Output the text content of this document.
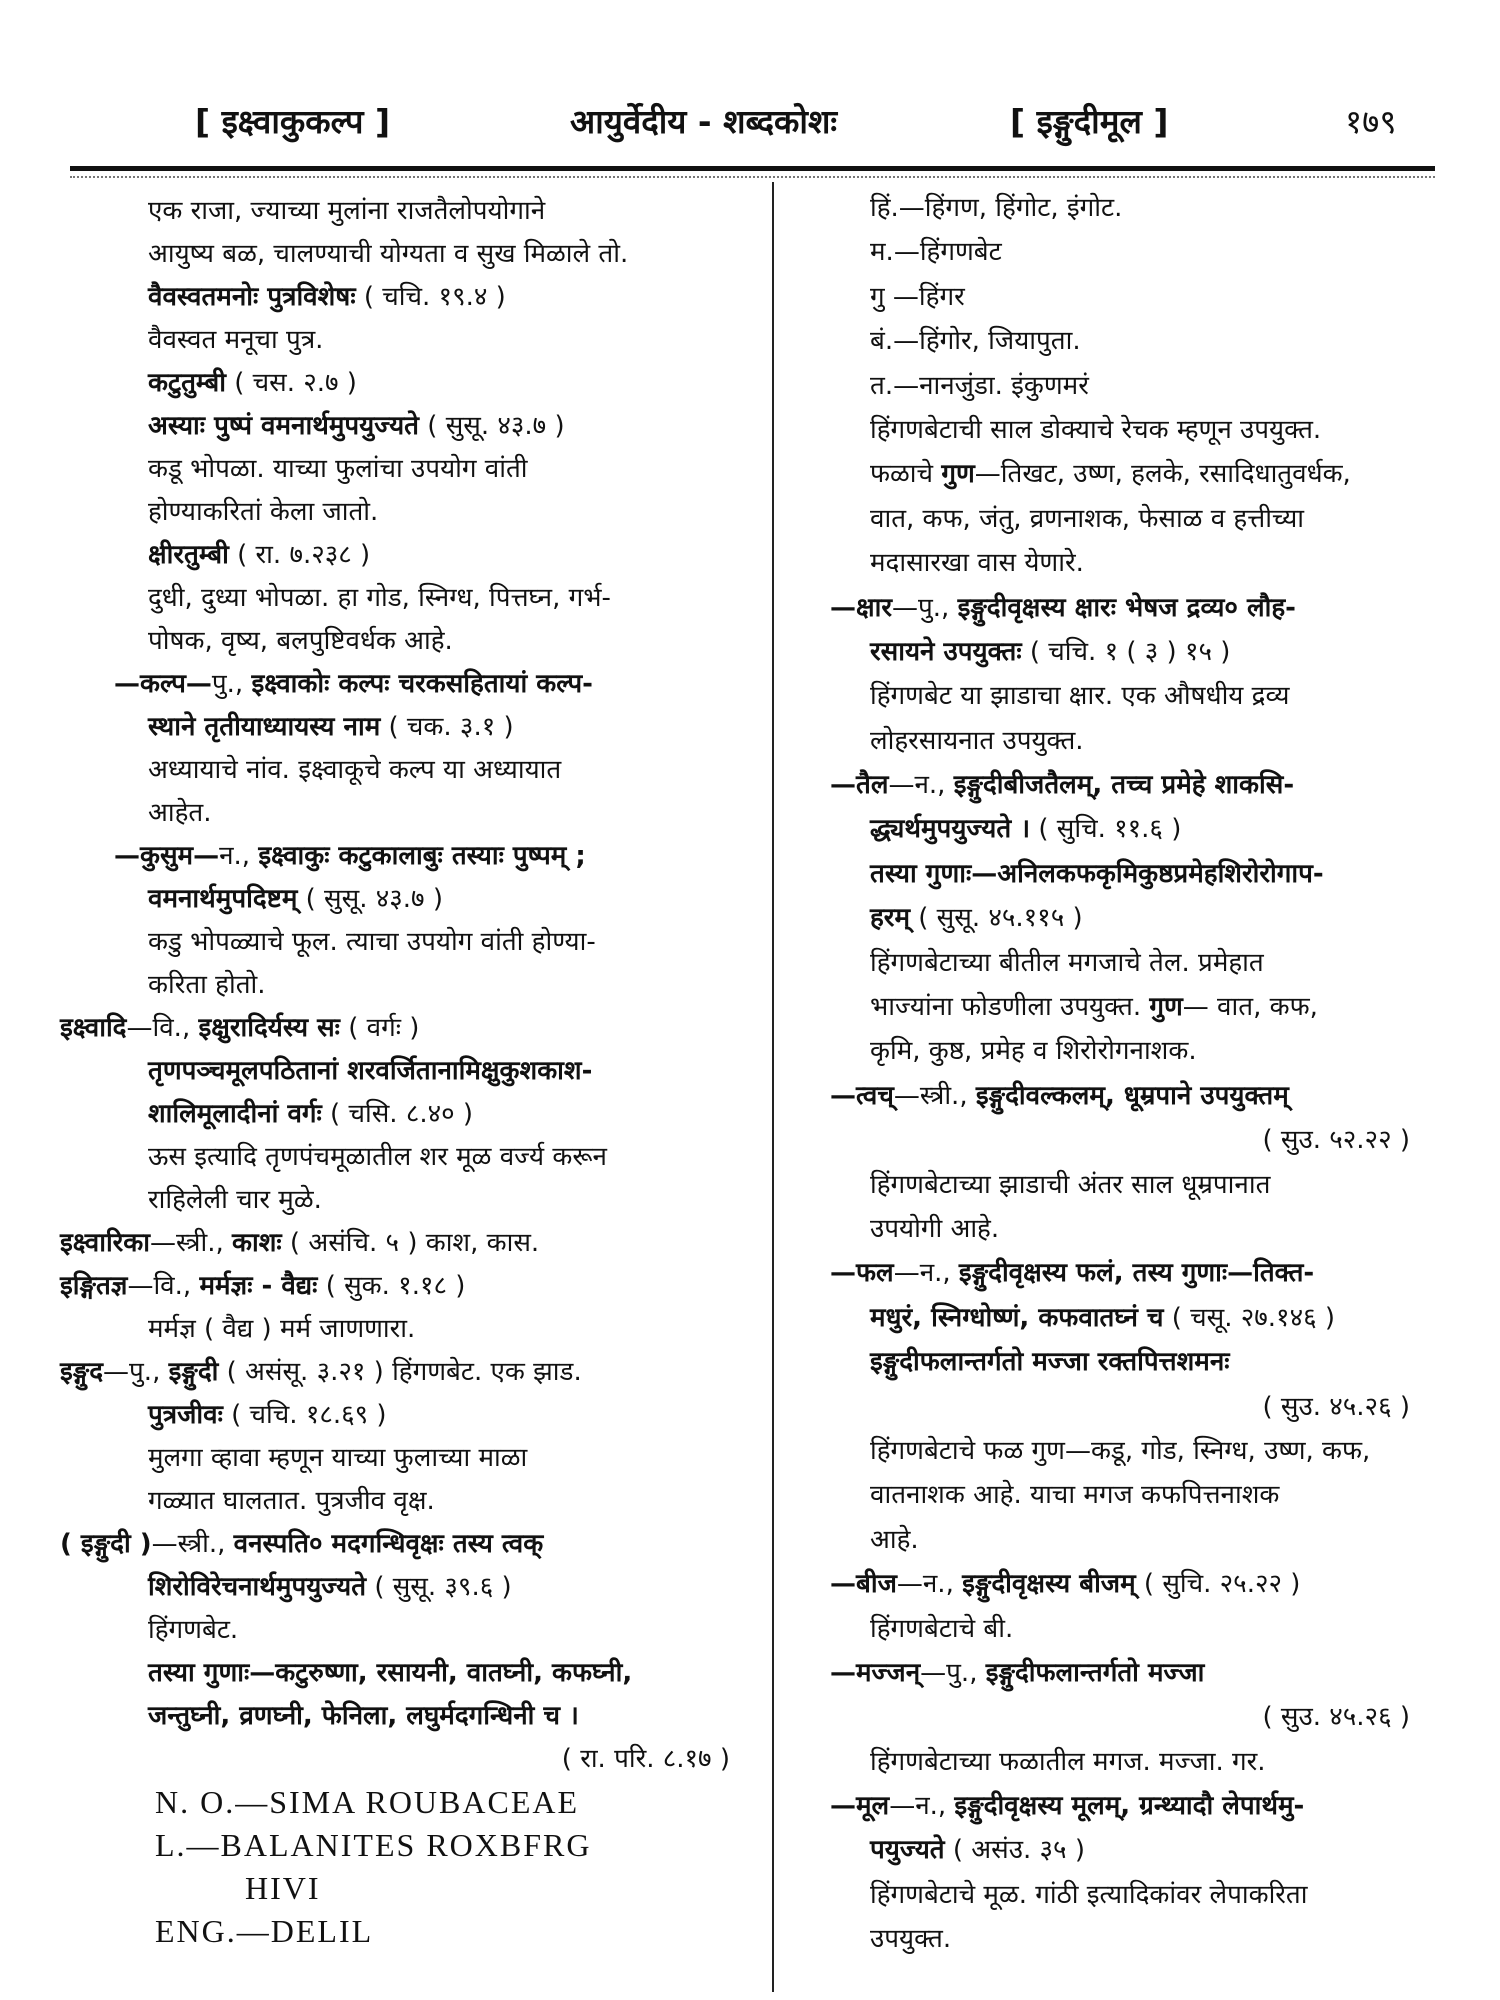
[ इक्ष्वाकुकल्प ]	आयुर्वेदीय - शब्दकोशः	[ इङ्गुदीमूल ]	१७९
एक राजा, ज्याच्या मुलांना राजतैलोपयोगाने
आयुष्य बळ, चालण्याची योग्यता व सुख मिळाले तो.
वैवस्वतमनोः पुत्रविशेषः ( चचि. १९.४ )
वैवस्वत मनूचा पुत्र.
कटुतुम्बी ( चस. २.७ )
अस्याः पुष्पं वमनार्थमुपयुज्यते ( सुसू. ४३.७ )
कडू भोपळा. याच्या फुलांचा उपयोग वांती
होण्याकरितां केला जातो.
क्षीरतुम्बी ( रा. ७.२३८ )
दुधी, दुध्या भोपळा. हा गोड, स्निग्ध, पित्तघ्न, गर्भ-
पोषक, वृष्य, बलपुष्टिवर्धक आहे.
—कल्प—पु., इक्ष्वाकोः कल्पः चरकसहितायां कल्प-
स्थाने तृतीयाध्यायस्य नाम ( चक. ३.१ )
अध्यायाचे नांव. इक्ष्वाकूचे कल्प या अध्यायात
आहेत.
—कुसुम—न., इक्ष्वाकुः कटुकालाबुः तस्याः पुष्पम् ;
वमनार्थमुपदिष्टम् ( सुसू. ४३.७ )
कडु भोपळ्याचे फूल. त्याचा उपयोग वांती होण्या-
करिता होतो.
इक्ष्वादि—वि., इक्षुरादिर्यस्य सः ( वर्गः )
तृणपञ्चमूलपठितानां शरवर्जितानामिक्षुकुशकाश-
शालिमूलादीनां वर्गः ( चसि. ८.४० )
ऊस इत्यादि तृणपंचमूळातील शर मूळ वर्ज्य करून
राहिलेली चार मुळे.
इक्ष्वारिका—स्त्री., काशः ( असंचि. ५ ) काश, कास.
इङ्गितज्ञ—वि., मर्मज्ञः - वैद्यः ( सुक. १.१८ )
मर्मज्ञ ( वैद्य ) मर्म जाणणारा.
इङ्गुद—पु., इङ्गुदी ( असंसू. ३.२१ ) हिंगणबेट. एक झाड.
पुत्रजीवः ( चचि. १८.६९ )
मुलगा व्हावा म्हणून याच्या फुलाच्या माळा
गळ्यात घालतात. पुत्रजीव वृक्ष.
( इङ्गुदी )—स्त्री., वनस्पति० मदगन्धिवृक्षः तस्य त्वक्
शिरोविरेचनार्थमुपयुज्यते ( सुसू. ३९.६ )
हिंगणबेट.
तस्या गुणाः—कटुरुष्णा, रसायनी, वातघ्नी, कफघ्नी,
जन्तुघ्नी, व्रणघ्नी, फेनिला, लघुर्मदगन्धिनी च ।
( रा. परि. ८.१७ )
N. O.—SIMA ROUBACEAE
L.—BALANITES ROXBFRG
HIVI
ENG.—DELIL
हिं.—हिंगण, हिंगोट, इंगोट.
म.—हिंगणबेट
गु —हिंगर
बं.—हिंगोर, जियापुता.
त.—नानजुंडा. इंकुणमरं
हिंगणबेटाची साल डोक्याचे रेचक म्हणून उपयुक्त.
फळाचे गुण—तिखट, उष्ण, हलके, रसादिधातुवर्धक,
वात, कफ, जंतु, व्रणनाशक, फेसाळ व हत्तीच्या
मदासारखा वास येणारे.
—क्षार—पु., इङ्गुदीवृक्षस्य क्षारः भेषज द्रव्य० लौह-
रसायने उपयुक्तः ( चचि. १ ( ३ ) १५ )
हिंगणबेट या झाडाचा क्षार. एक औषधीय द्रव्य
लोहरसायनात उपयुक्त.
—तैल—न., इङ्गुदीबीजतैलम्, तच्च प्रमेहे शाकसि-
द्ध्यर्थमुपयुज्यते । ( सुचि. ११.६ )
तस्या गुणाः—अनिलकफकृमिकुष्ठप्रमेहशिरोरोगाप-
हरम् ( सुसू. ४५.११५ )
हिंगणबेटाच्या बीतील मगजाचे तेल. प्रमेहात
भाज्यांना फोडणीला उपयुक्त. गुण— वात, कफ,
कृमि, कुष्ठ, प्रमेह व शिरोरोगनाशक.
—त्वच्—स्त्री., इङ्गुदीवल्कलम्, धूम्रपाने उपयुक्तम्
( सुउ. ५२.२२ )
हिंगणबेटाच्या झाडाची अंतर साल धूम्रपानात
उपयोगी आहे.
—फल—न., इङ्गुदीवृक्षस्य फलं, तस्य गुणाः—तिक्त-
मधुरं, स्निग्धोष्णं, कफवातघ्नं च ( चसू. २७.१४६ )
इङ्गुदीफलान्तर्गतो मज्जा रक्तपित्तशमनः
( सुउ. ४५.२६ )
हिंगणबेटाचे फळ गुण—कडू, गोड, स्निग्ध, उष्ण, कफ,
वातनाशक आहे. याचा मगज कफपित्तनाशक
आहे.
—बीज—न., इङ्गुदीवृक्षस्य बीजम् ( सुचि. २५.२२ )
हिंगणबेटाचे बी.
—मज्जन्—पु., इङ्गुदीफलान्तर्गतो मज्जा
( सुउ. ४५.२६ )
हिंगणबेटाच्या फळातील मगज. मज्जा. गर.
—मूल—न., इङ्गुदीवृक्षस्य मूलम्, ग्रन्थ्यादौ लेपार्थमु-
पयुज्यते ( असंउ. ३५ )
हिंगणबेटाचे मूळ. गांठी इत्यादिकांवर लेपाकरिता
उपयुक्त.
